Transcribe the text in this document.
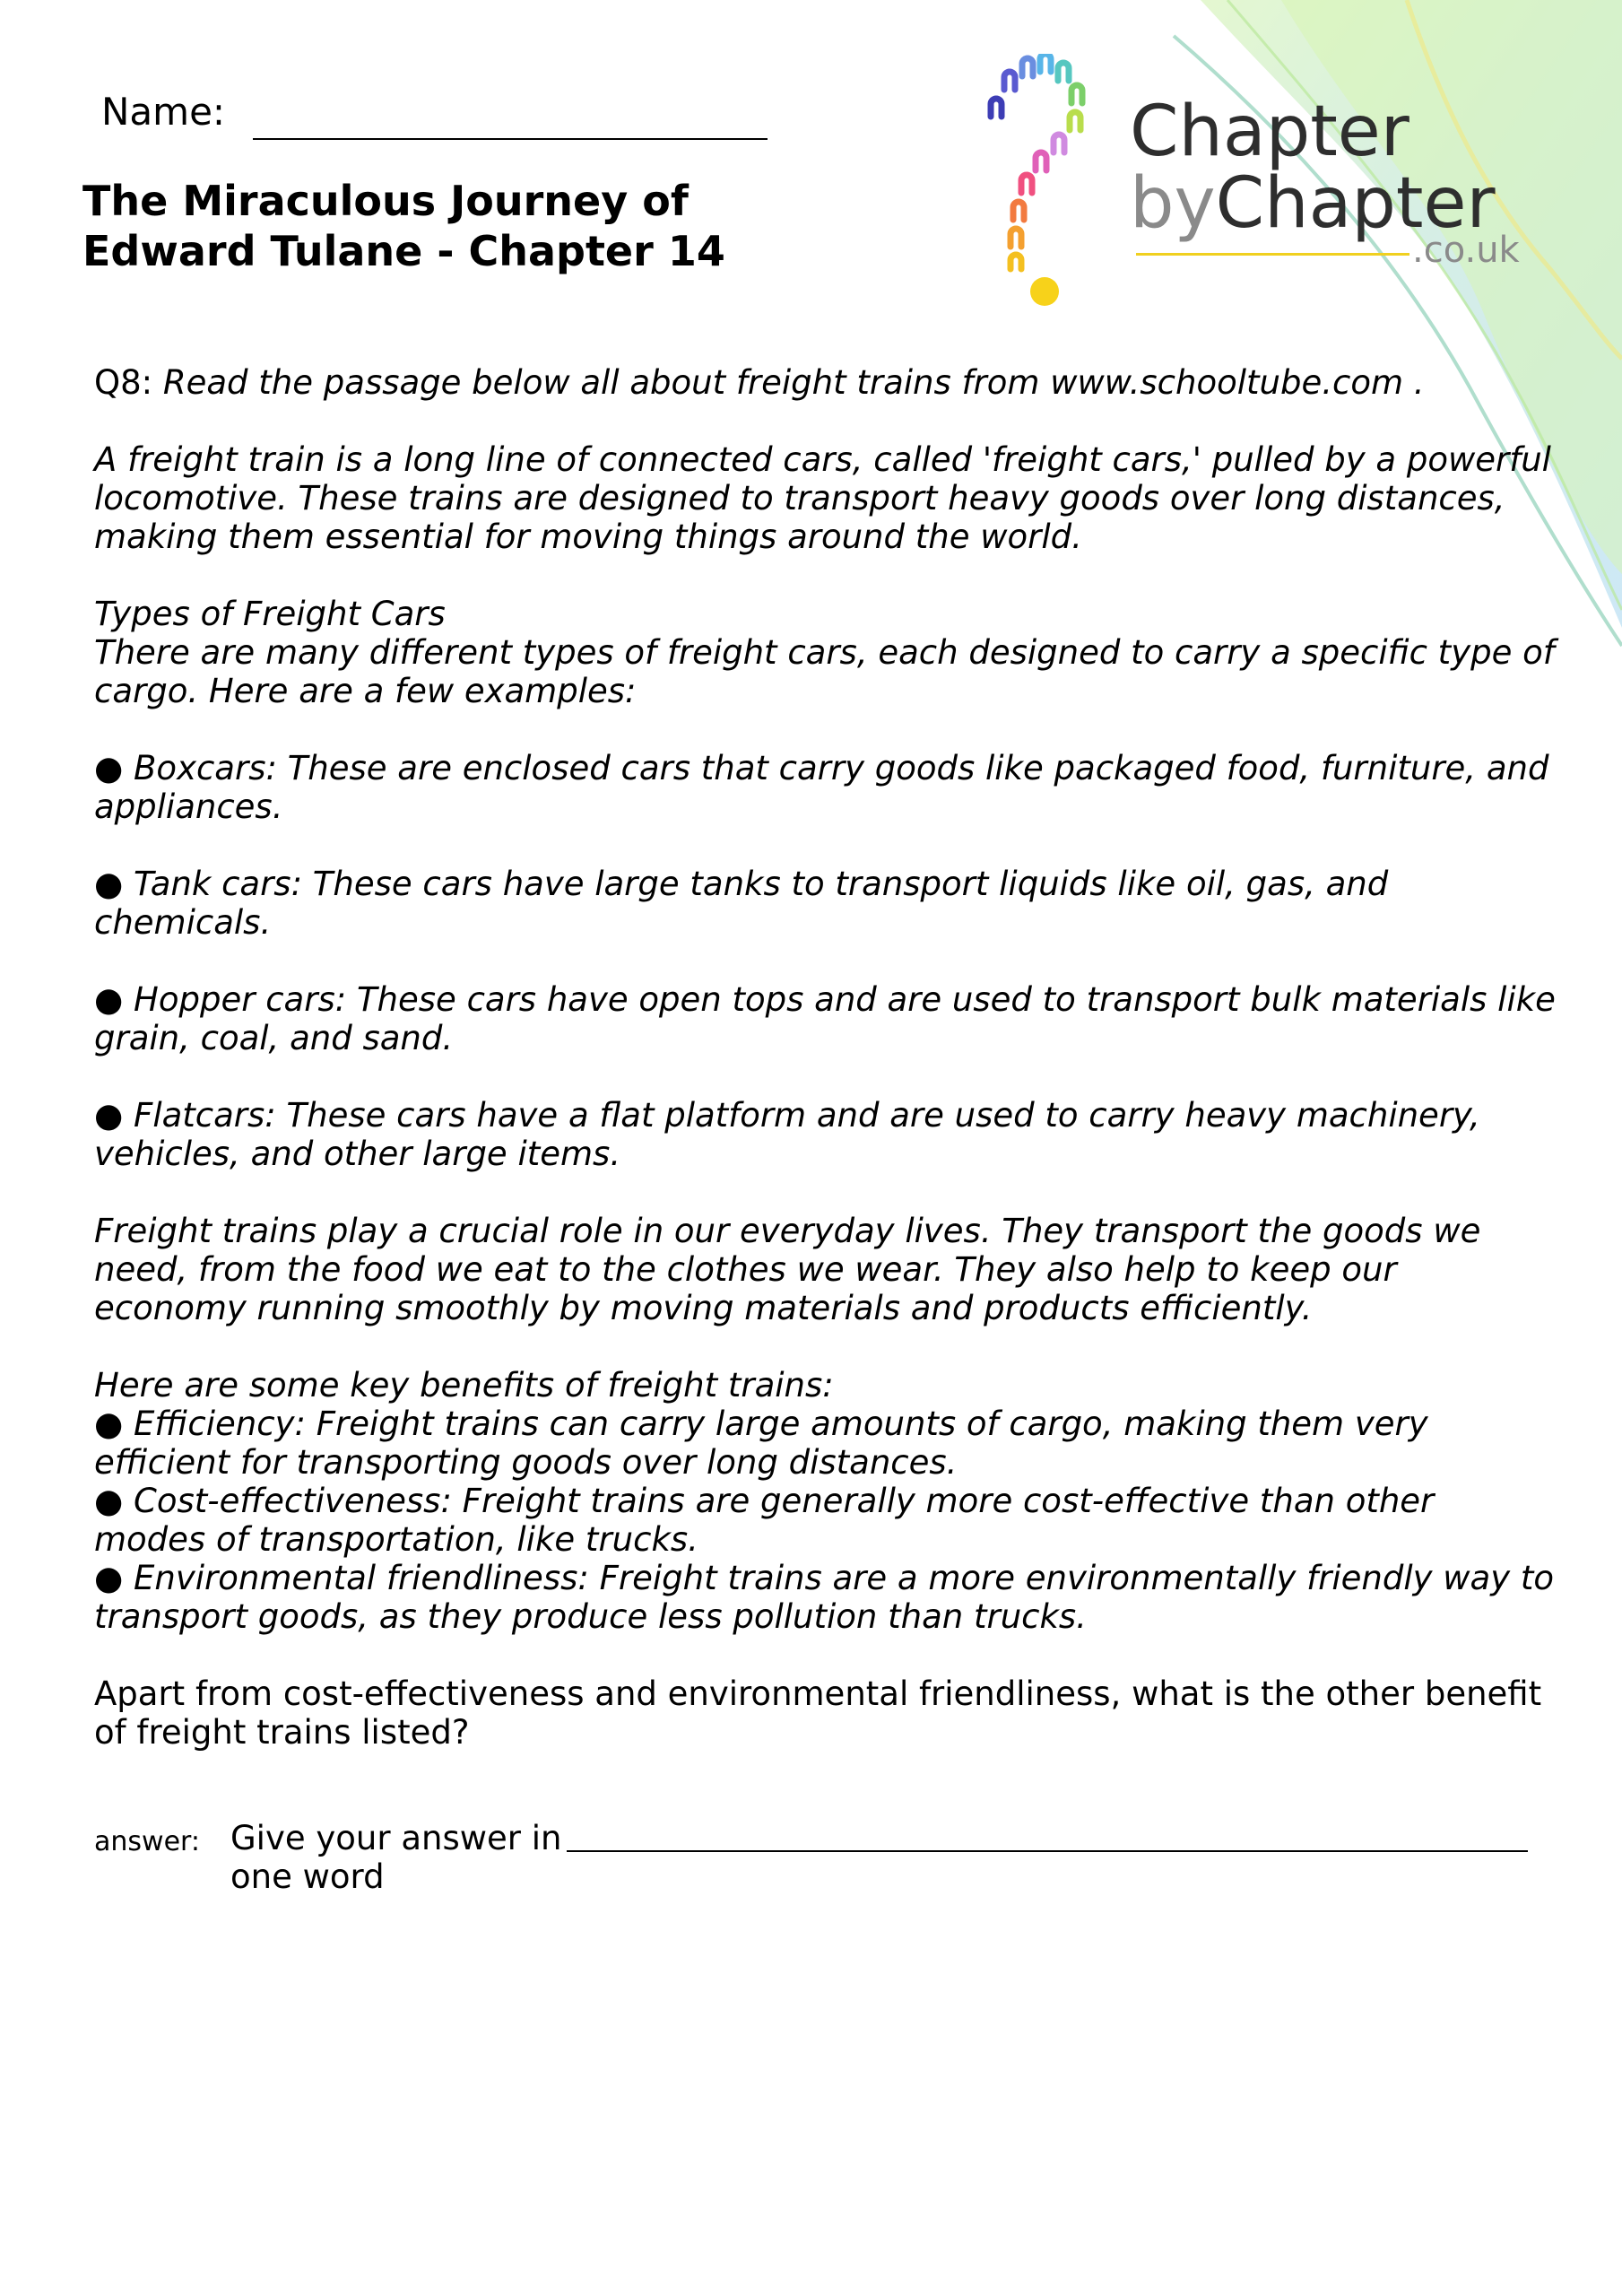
Name:
The Miraculous Journey of
Edward Tulane - Chapter 14
Chapter
byChapter
.co.uk

Q8: Read the passage below all about freight trains from www.schooltube.com .

A freight train is a long line of connected cars, called 'freight cars,' pulled by a powerful locomotive. These trains are designed to transport heavy goods over long distances, making them essential for moving things around the world.

Types of Freight Cars

There are many different types of freight cars, each designed to carry a specific type of cargo. Here are a few examples:

● Boxcars: These are enclosed cars that carry goods like packaged food, furniture, and appliances.

● Tank cars: These cars have large tanks to transport liquids like oil, gas, and chemicals.

● Hopper cars: These cars have open tops and are used to transport bulk materials like grain, coal, and sand.

● Flatcars: These cars have a flat platform and are used to carry heavy machinery, vehicles, and other large items.

Freight trains play a crucial role in our everyday lives. They transport the goods we need, from the food we eat to the clothes we wear. They also help to keep our economy running smoothly by moving materials and products efficiently.

Here are some key benefits of freight trains:

● Efficiency: Freight trains can carry large amounts of cargo, making them very efficient for transporting goods over long distances.

● Cost-effectiveness: Freight trains are generally more cost-effective than other modes of transportation, like trucks.

● Environmental friendliness: Freight trains are a more environmentally friendly way to transport goods, as they produce less pollution than trucks.

Apart from cost-effectiveness and environmental friendliness, what is the other benefit of freight trains listed?

answer: Give your answer in one word
